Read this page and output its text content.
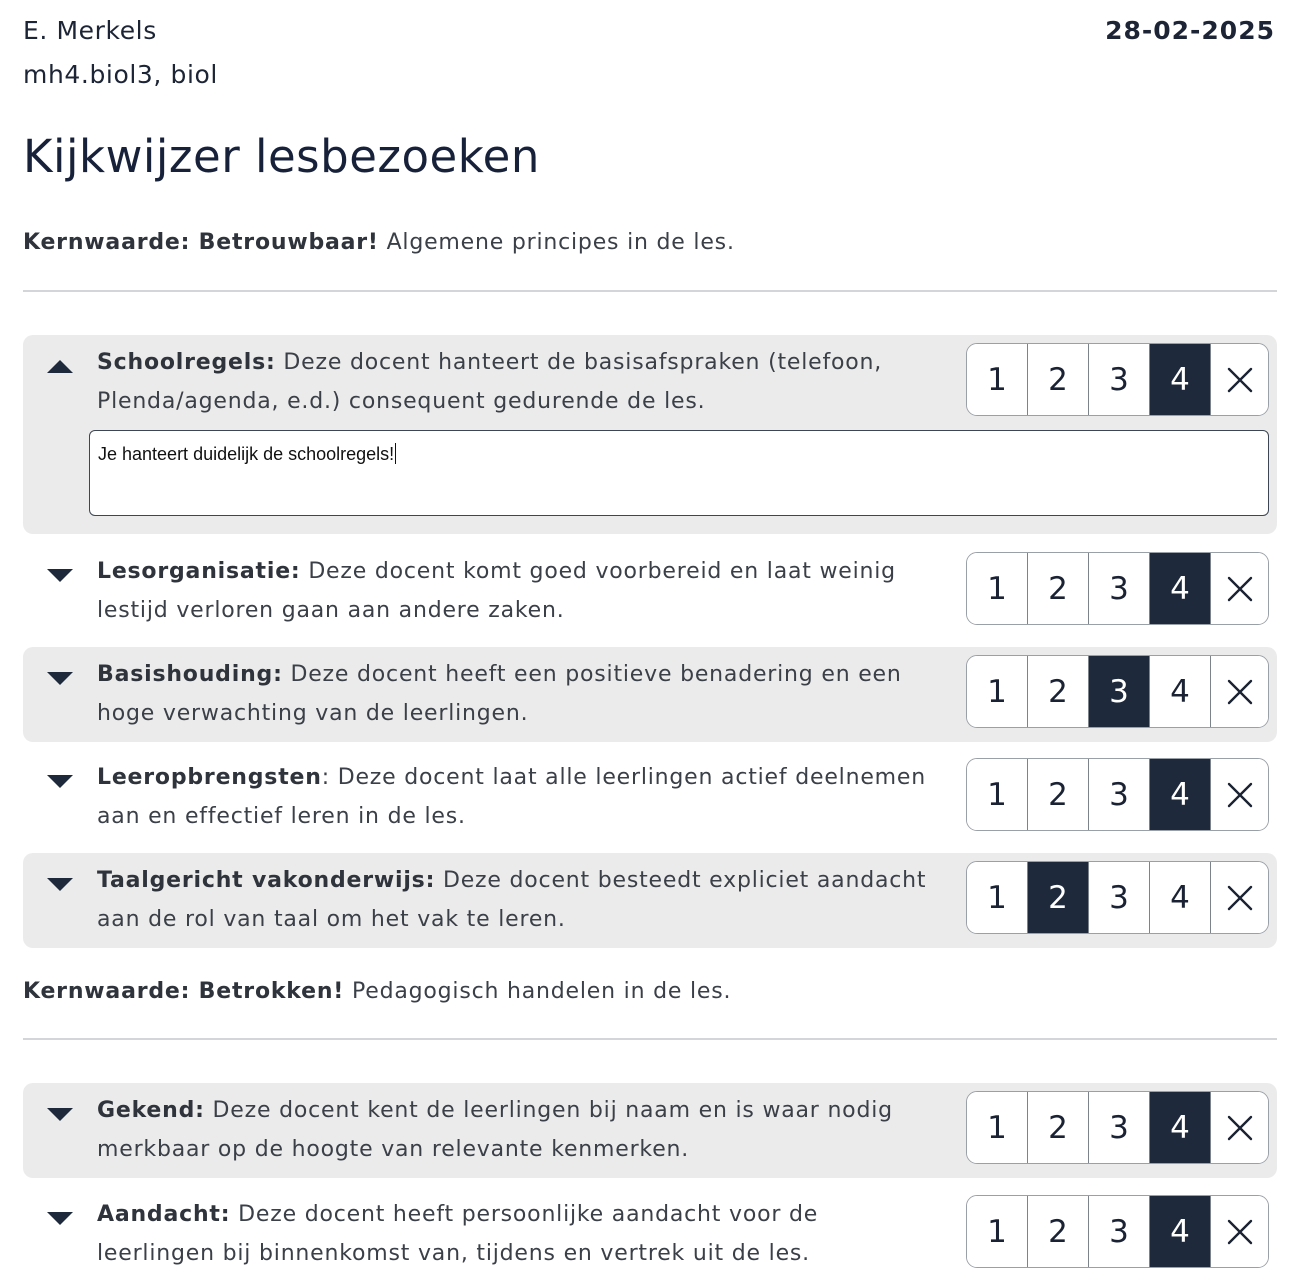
E. Merkels
mh4.biol3, biol
28-02-2025
Kijkwijzer lesbezoeken
Kernwaarde: Betrouwbaar! Algemene principes in de les.
Schoolregels: Deze docent hanteert de basisafspraken (telefoon, Plenda/agenda, e.d.) consequent gedurende de les.
1	2	3	4
Je hanteert duidelijk de schoolregels!
Lesorganisatie: Deze docent komt goed voorbereid en laat weinig lestijd verloren gaan aan andere zaken.
1	2	3	4
Basishouding: Deze docent heeft een positieve benadering en een hoge verwachting van de leerlingen.
1	2	3	4
Leeropbrengsten: Deze docent laat alle leerlingen actief deelnemen aan en effectief leren in de les.
1	2	3	4
Taalgericht vakonderwijs: Deze docent besteedt expliciet aandacht aan de rol van taal om het vak te leren.
1	2	3	4
Kernwaarde: Betrokken! Pedagogisch handelen in de les.
Gekend: Deze docent kent de leerlingen bij naam en is waar nodig merkbaar op de hoogte van relevante kenmerken.
1	2	3	4
Aandacht: Deze docent heeft persoonlijke aandacht voor de leerlingen bij binnenkomst van, tijdens en vertrek uit de les.
1	2	3	4
